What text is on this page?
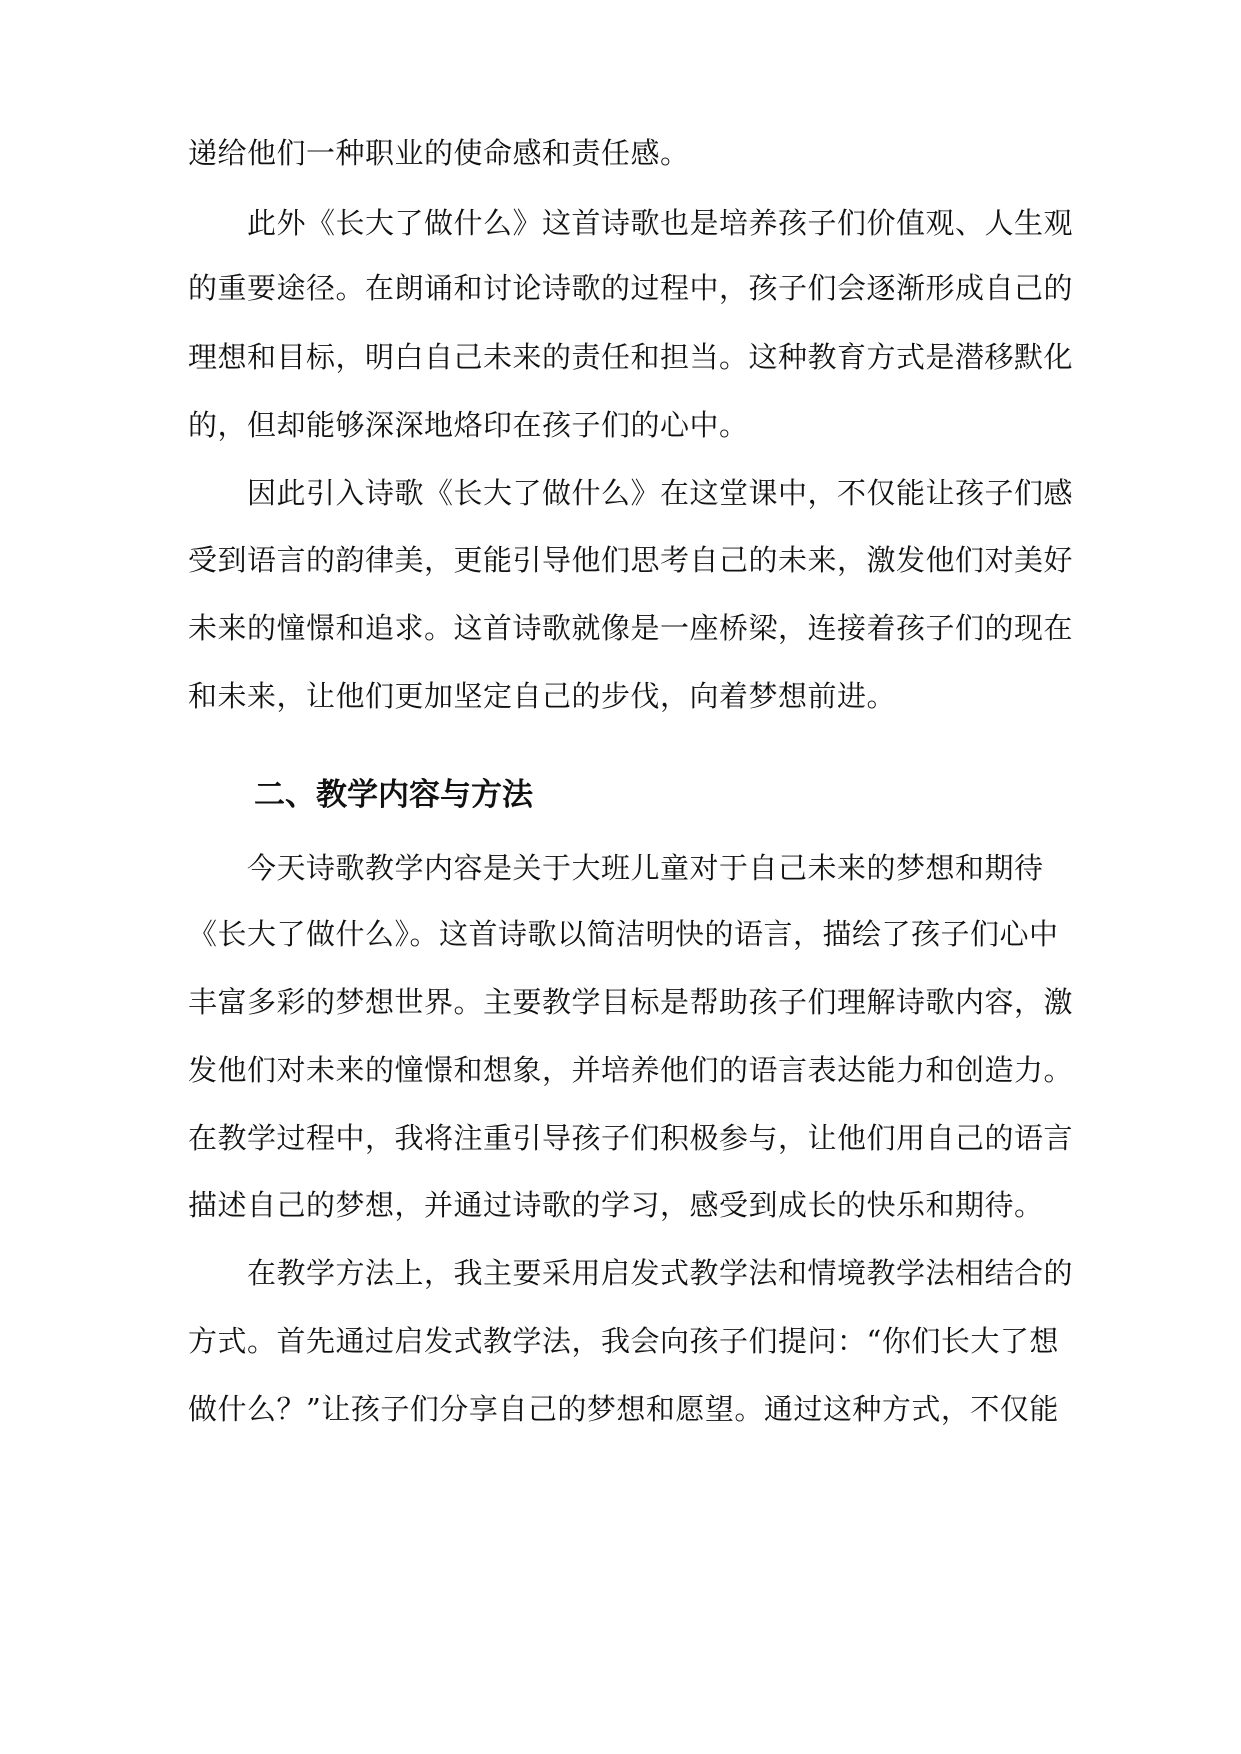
递给他们一种职业的使命感和责任感。
此外《长大了做什么》这首诗歌也是培养孩子们价值观、人生观
的重要途径。在朗诵和讨论诗歌的过程中，孩子们会逐渐形成自己的
理想和目标，明白自己未来的责任和担当。这种教育方式是潜移默化
的，但却能够深深地烙印在孩子们的心中。
因此引入诗歌《长大了做什么》在这堂课中，不仅能让孩子们感
受到语言的韵律美，更能引导他们思考自己的未来，激发他们对美好
未来的憧憬和追求。这首诗歌就像是一座桥梁，连接着孩子们的现在
和未来，让他们更加坚定自己的步伐，向着梦想前进。
二、教学内容与方法
今天诗歌教学内容是关于大班儿童对于自己未来的梦想和期待
《长大了做什么》。这首诗歌以简洁明快的语言，描绘了孩子们心中
丰富多彩的梦想世界。主要教学目标是帮助孩子们理解诗歌内容，激
发他们对未来的憧憬和想象，并培养他们的语言表达能力和创造力。
在教学过程中，我将注重引导孩子们积极参与，让他们用自己的语言
描述自己的梦想，并通过诗歌的学习，感受到成长的快乐和期待。
在教学方法上，我主要采用启发式教学法和情境教学法相结合的
方式。首先通过启发式教学法，我会向孩子们提问：“你们长大了想
做什么？”让孩子们分享自己的梦想和愿望。通过这种方式，不仅能
